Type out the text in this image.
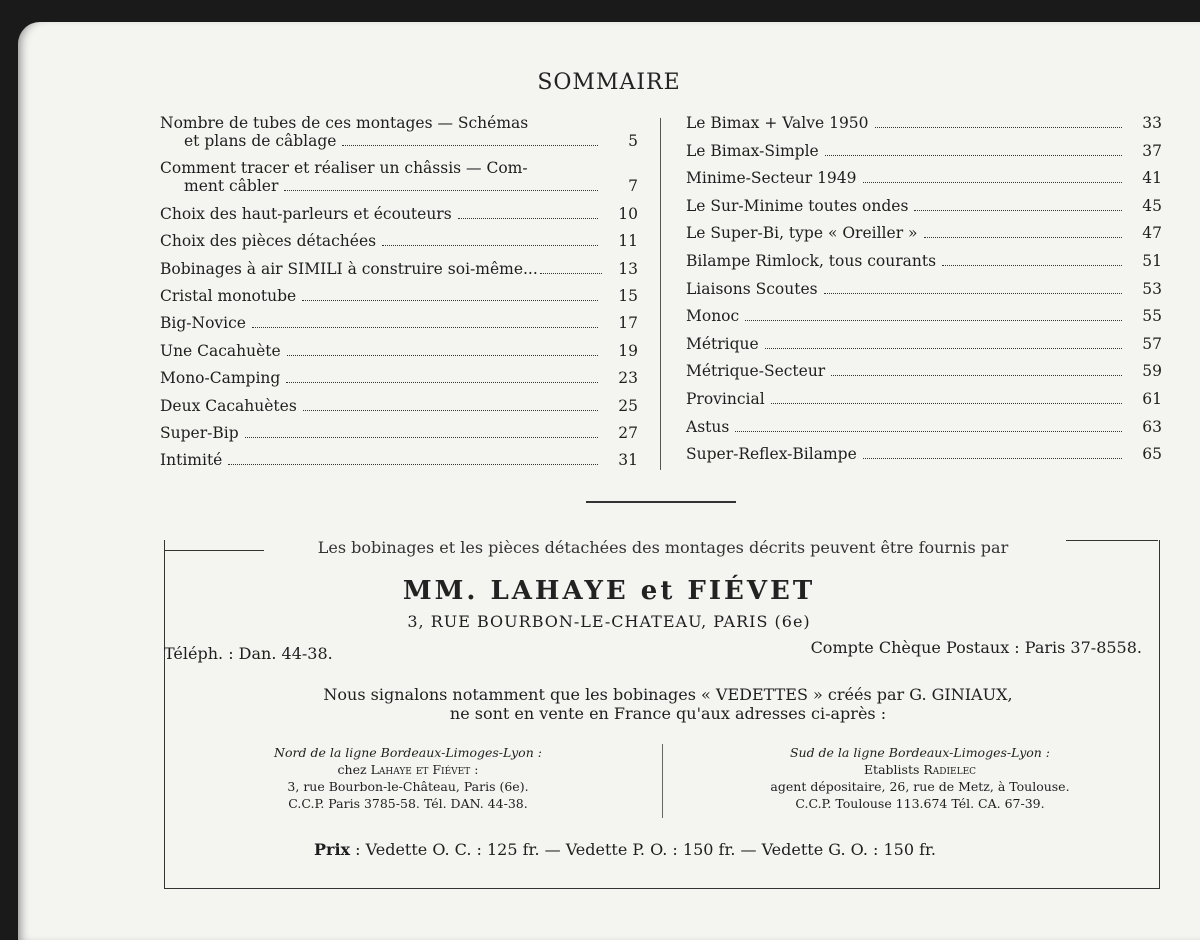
SOMMAIRE
Nombre de tubes de ces montages — Schémas
et plans de câblage	5
Comment tracer et réaliser un châssis — Com-
ment câbler	7
Choix des haut-parleurs et écouteurs	10
Choix des pièces détachées	11
Bobinages à air SIMILI à construire soi-même...	13
Cristal monotube	15
Big-Novice	17
Une Cacahuète	19
Mono-Camping	23
Deux Cacahuètes	25
Super-Bip	27
Intimité	31
Le Bimax + Valve 1950	33
Le Bimax-Simple	37
Minime-Secteur 1949	41
Le Sur-Minime toutes ondes	45
Le Super-Bi, type « Oreiller »	47
Bilampe Rimlock, tous courants	51
Liaisons Scoutes	53
Monoc	55
Métrique	57
Métrique-Secteur	59
Provincial	61
Astus	63
Super-Reflex-Bilampe	65
Les bobinages et les pièces détachées des montages décrits peuvent être fournis par
MM. LAHAYE et FIÉVET
3, RUE BOURBON-LE-CHATEAU, PARIS (6e)
Téléph. : Dan. 44-38.	Compte Chèque Postaux : Paris 37-8558.
Nous signalons notamment que les bobinages « VEDETTES » créés par G. GINIAUX,
ne sont en vente en France qu'aux adresses ci-après :
Nord de la ligne Bordeaux-Limoges-Lyon :
chez Lahaye et Fiévet :
3, rue Bourbon-le-Château, Paris (6e).
C.C.P. Paris 3785-58. Tél. DAN. 44-38.
Sud de la ligne Bordeaux-Limoges-Lyon :
Etablists Radielec
agent dépositaire, 26, rue de Metz, à Toulouse.
C.C.P. Toulouse 113.674 Tél. CA. 67-39.
Prix : Vedette O. C. : 125 fr. — Vedette P. O. : 150 fr. — Vedette G. O. : 150 fr.
